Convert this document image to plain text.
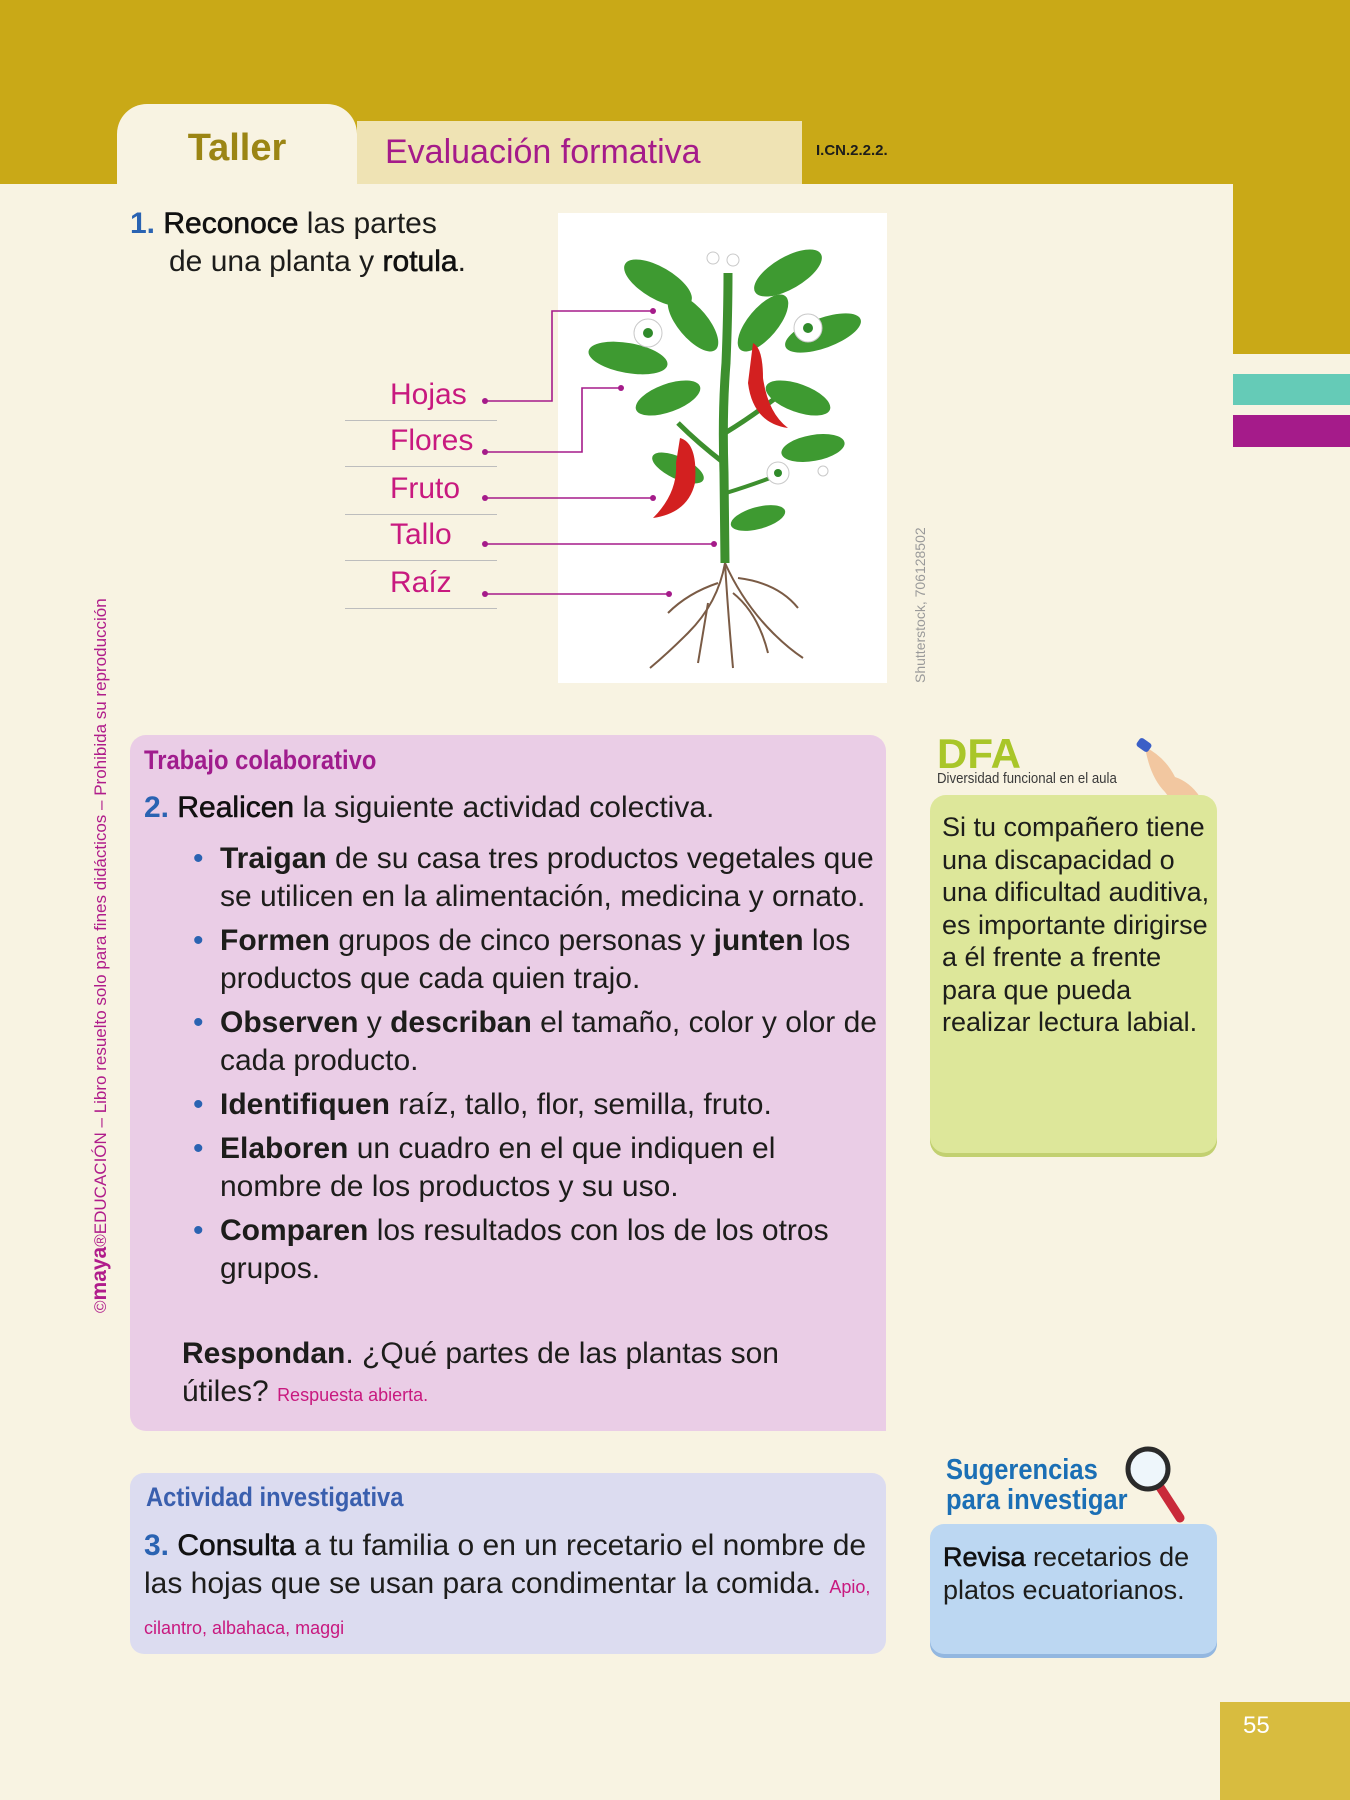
Taller	Evaluación formativa	I.CN.2.2.2.
©maya®EDUCACIÓN – Libro resuelto solo para fines didácticos – Prohibida su reproducción
1. Reconoce las partes
de una planta y rotula.
Shutterstock, 706128502
Hojas
Flores
Fruto
Tallo
Raíz
Trabajo colaborativo
2. Realicen la siguiente actividad colectiva.
• Traigan de su casa tres productos vegetales que se utilicen en la alimentación, medicina y ornato.
• Formen grupos de cinco personas y junten los productos que cada quien trajo.
• Observen y describan el tamaño, color y olor de cada producto.
• Identifiquen raíz, tallo, flor, semilla, fruto.
• Elaboren un cuadro en el que indiquen el nombre de los productos y su uso.
• Comparen los resultados con los de los otros grupos.
Respondan. ¿Qué partes de las plantas son útiles? Respuesta abierta.
DFA
Diversidad funcional en el aula
Si tu compañero tiene una discapacidad o una dificultad auditiva, es importante dirigirse a él frente a frente para que pueda realizar lectura labial.
Actividad investigativa
3. Consulta a tu familia o en un recetario el nombre de las hojas que se usan para condimentar la comida. Apio, cilantro, albahaca, maggi
Sugerencias
para investigar
Revisa recetarios de platos ecuatorianos.
55
